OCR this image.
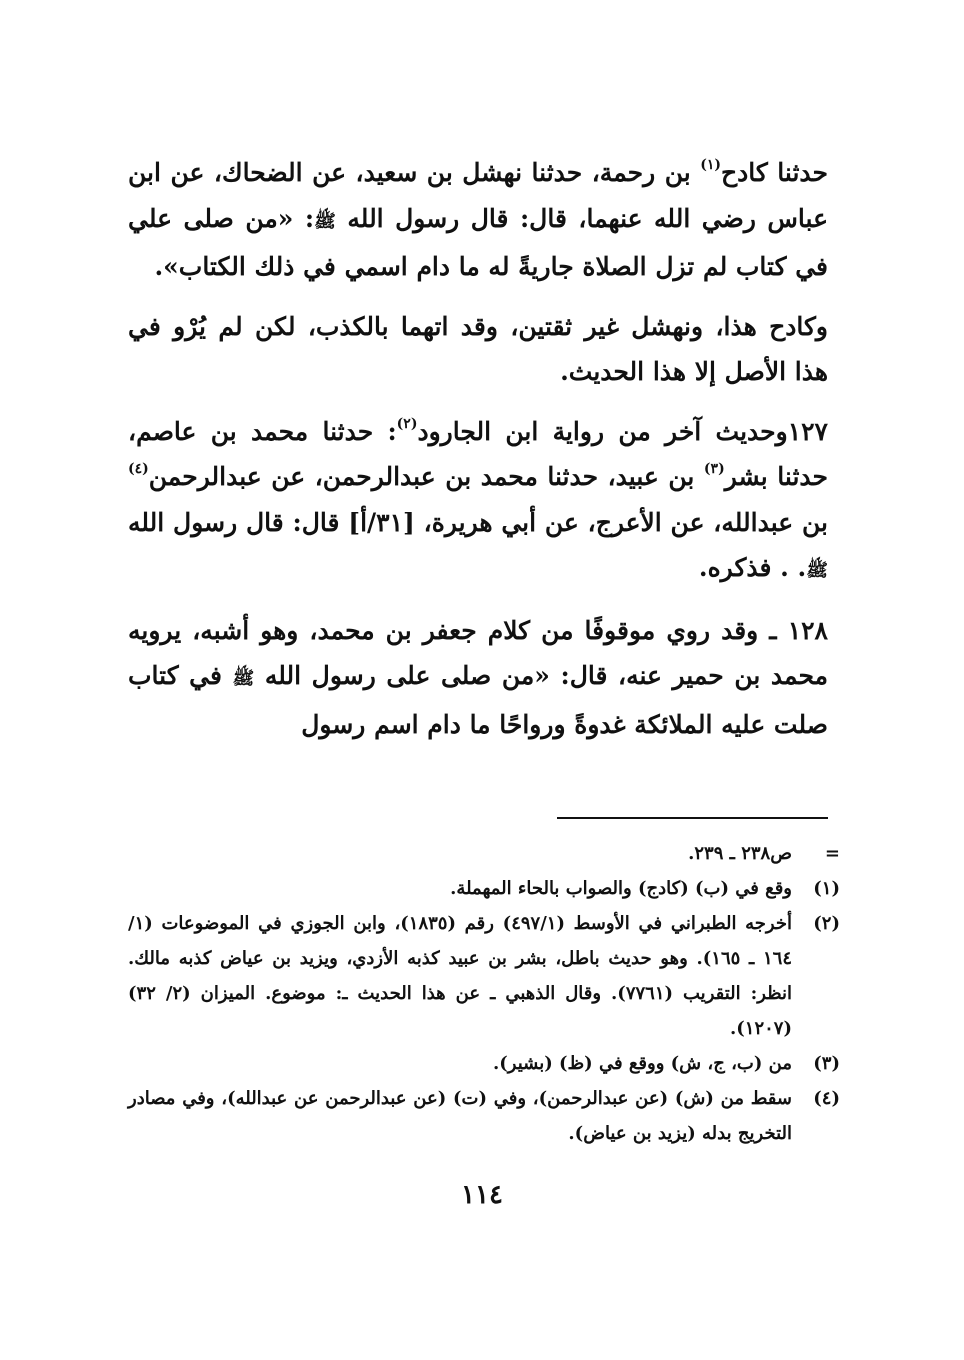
حدثنا كادح$^{(١)}$ بن رحمة، حدثنا نهشل بن سعيد، عن الضحاك، عن ابن عباس رضي الله عنهما، قال: قال رسول الله ﷺ: «من صلى علي في كتاب لم تزل الصلاة جاريةً له ما دام اسمي في ذلك الكتاب».

وكادح هذا، ونهشل غير ثقتين، وقد اتهما بالكذب، لكن لم يُرْو في هذا الأصل إلا هذا الحديث.

١٢٧وحديث آخر من رواية ابن الجارود$^{(٢)}$: حدثنا محمد بن عاصم، حدثنا بشر$^{(٣)}$ بن عبيد، حدثنا محمد بن عبدالرحمن، عن عبدالرحمن$^{(٤)}$ بن عبدالله، عن الأعرج، عن أبي هريرة، [٣١/أ] قال: قال رسول الله ﷺ. . فذكره.

١٢٨ ـ وقد روي موقوفًا من كلام جعفر بن محمد، وهو أشبه، يرويه محمد بن حمير عنه، قال: «من صلى على رسول الله ﷺ في كتاب صلت عليه الملائكة غدوةً ورواحًا ما دام اسم رسول

=
ص٢٣٨ ـ ٢٣٩.
(١)
وقع في (ب) (كادج) والصواب بالحاء المهملة.
(٢)
أخرجه الطبراني في الأوسط (٤٩٧/١) رقم (١٨٣٥)، وابن الجوزي في الموضوعات (١/ ١٦٤ ـ ١٦٥). وهو حديث باطل، بشر بن عبيد كذبه الأزدي، ويزيد بن عياض كذبه مالك. انظر: التقريب (٧٧٦١). وقال الذهبي ـ عن هذا الحديث ـ: موضوع. الميزان (٢/ ٣٢) (١٢٠٧).
(٣)
من (ب، ج، ش) ووقع في (ظ) (بشير).
(٤)
سقط من (ش) (عن عبدالرحمن)، وفي (ت) (عن عبدالرحمن عن عبدالله)، وفي مصادر التخريج بدله (يزيد بن عياض).
١١٤
